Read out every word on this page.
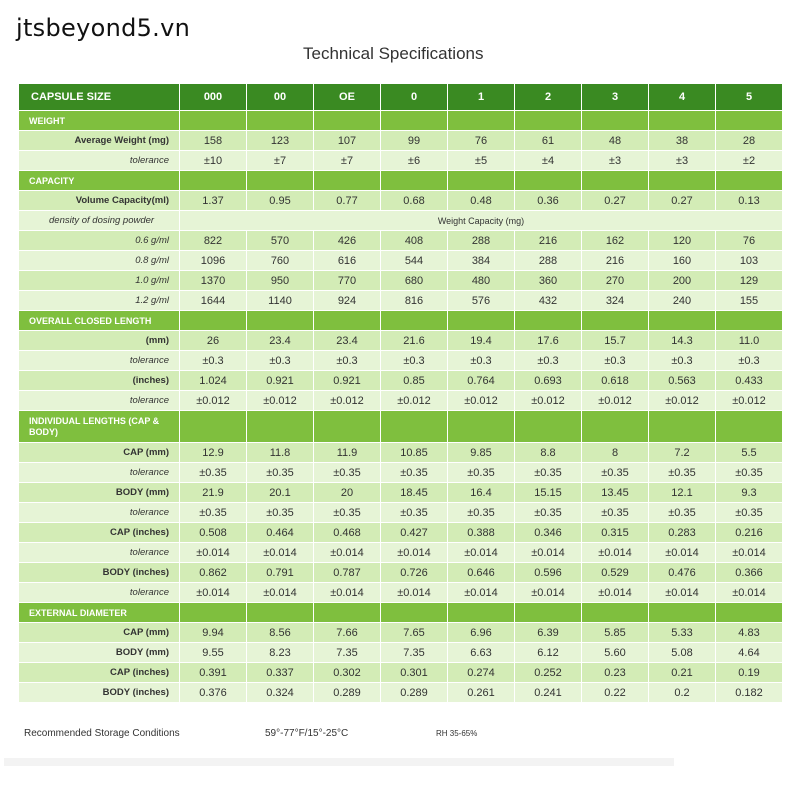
jtsbeyond5.vn
Technical Specifications
CAPSULE SIZE	000	00	OE	0	1	2	3	4	5
WEIGHT									
Average Weight (mg)	158	123	107	99	76	61	48	38	28
tolerance	±10	±7	±7	±6	±5	±4	±3	±3	±2
CAPACITY									
Volume Capacity(ml)	1.37	0.95	0.77	0.68	0.48	0.36	0.27	0.27	0.13
density of dosing powder	Weight Capacity (mg)								
0.6 g/ml	822	570	426	408	288	216	162	120	76
0.8 g/ml	1096	760	616	544	384	288	216	160	103
1.0 g/ml	1370	950	770	680	480	360	270	200	129
1.2 g/ml	1644	1140	924	816	576	432	324	240	155
OVERALL CLOSED LENGTH									
(mm)	26	23.4	23.4	21.6	19.4	17.6	15.7	14.3	11.0
tolerance	±0.3	±0.3	±0.3	±0.3	±0.3	±0.3	±0.3	±0.3	±0.3
(inches)	1.024	0.921	0.921	0.85	0.764	0.693	0.618	0.563	0.433
tolerance	±0.012	±0.012	±0.012	±0.012	±0.012	±0.012	±0.012	±0.012	±0.012
INDIVIDUAL LENGTHS (CAP & BODY)									
CAP (mm)	12.9	11.8	11.9	10.85	9.85	8.8	8	7.2	5.5
tolerance	±0.35	±0.35	±0.35	±0.35	±0.35	±0.35	±0.35	±0.35	±0.35
BODY (mm)	21.9	20.1	20	18.45	16.4	15.15	13.45	12.1	9.3
tolerance	±0.35	±0.35	±0.35	±0.35	±0.35	±0.35	±0.35	±0.35	±0.35
CAP (inches)	0.508	0.464	0.468	0.427	0.388	0.346	0.315	0.283	0.216
tolerance	±0.014	±0.014	±0.014	±0.014	±0.014	±0.014	±0.014	±0.014	±0.014
BODY (inches)	0.862	0.791	0.787	0.726	0.646	0.596	0.529	0.476	0.366
tolerance	±0.014	±0.014	±0.014	±0.014	±0.014	±0.014	±0.014	±0.014	±0.014
EXTERNAL DIAMETER									
CAP (mm)	9.94	8.56	7.66	7.65	6.96	6.39	5.85	5.33	4.83
BODY (mm)	9.55	8.23	7.35	7.35	6.63	6.12	5.60	5.08	4.64
CAP (inches)	0.391	0.337	0.302	0.301	0.274	0.252	0.23	0.21	0.19
BODY (inches)	0.376	0.324	0.289	0.289	0.261	0.241	0.22	0.2	0.182
Recommended Storage Conditions	59°-77°F/15°-25°C	RH 35-65%
